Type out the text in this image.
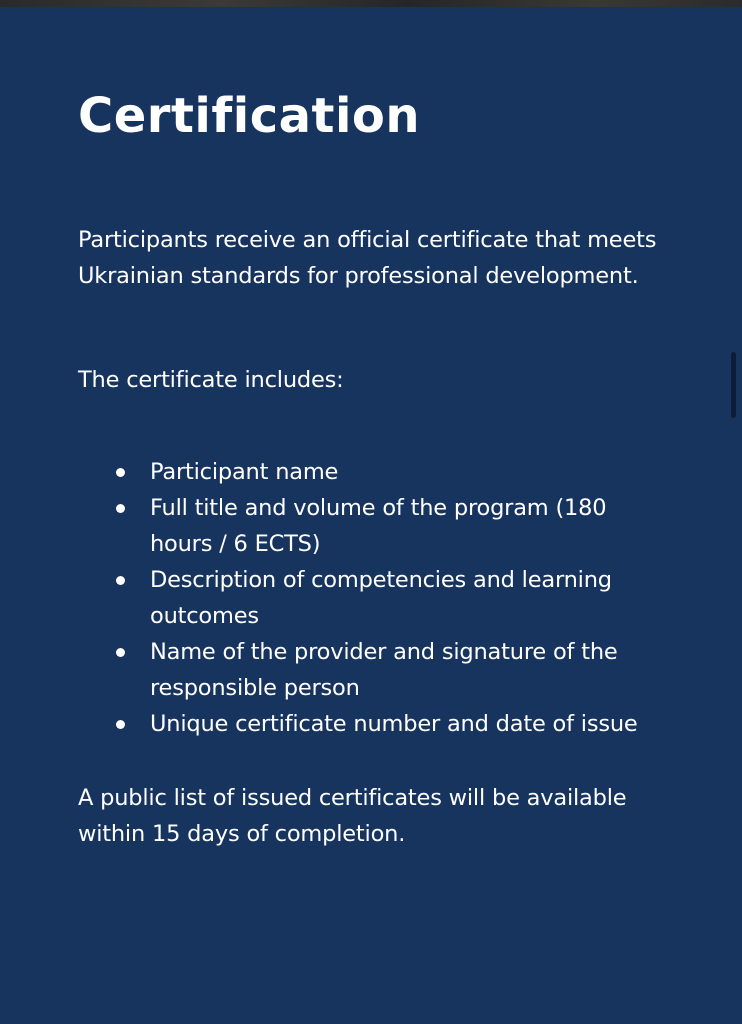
Certification

Participants receive an official certificate that meets Ukrainian standards for professional development.

The certificate includes:

Participant name
Full title and volume of the program (180 hours / 6 ECTS)
Description of competencies and learning outcomes
Name of the provider and signature of the responsible person
Unique certificate number and date of issue

A public list of issued certificates will be available within 15 days of completion.
